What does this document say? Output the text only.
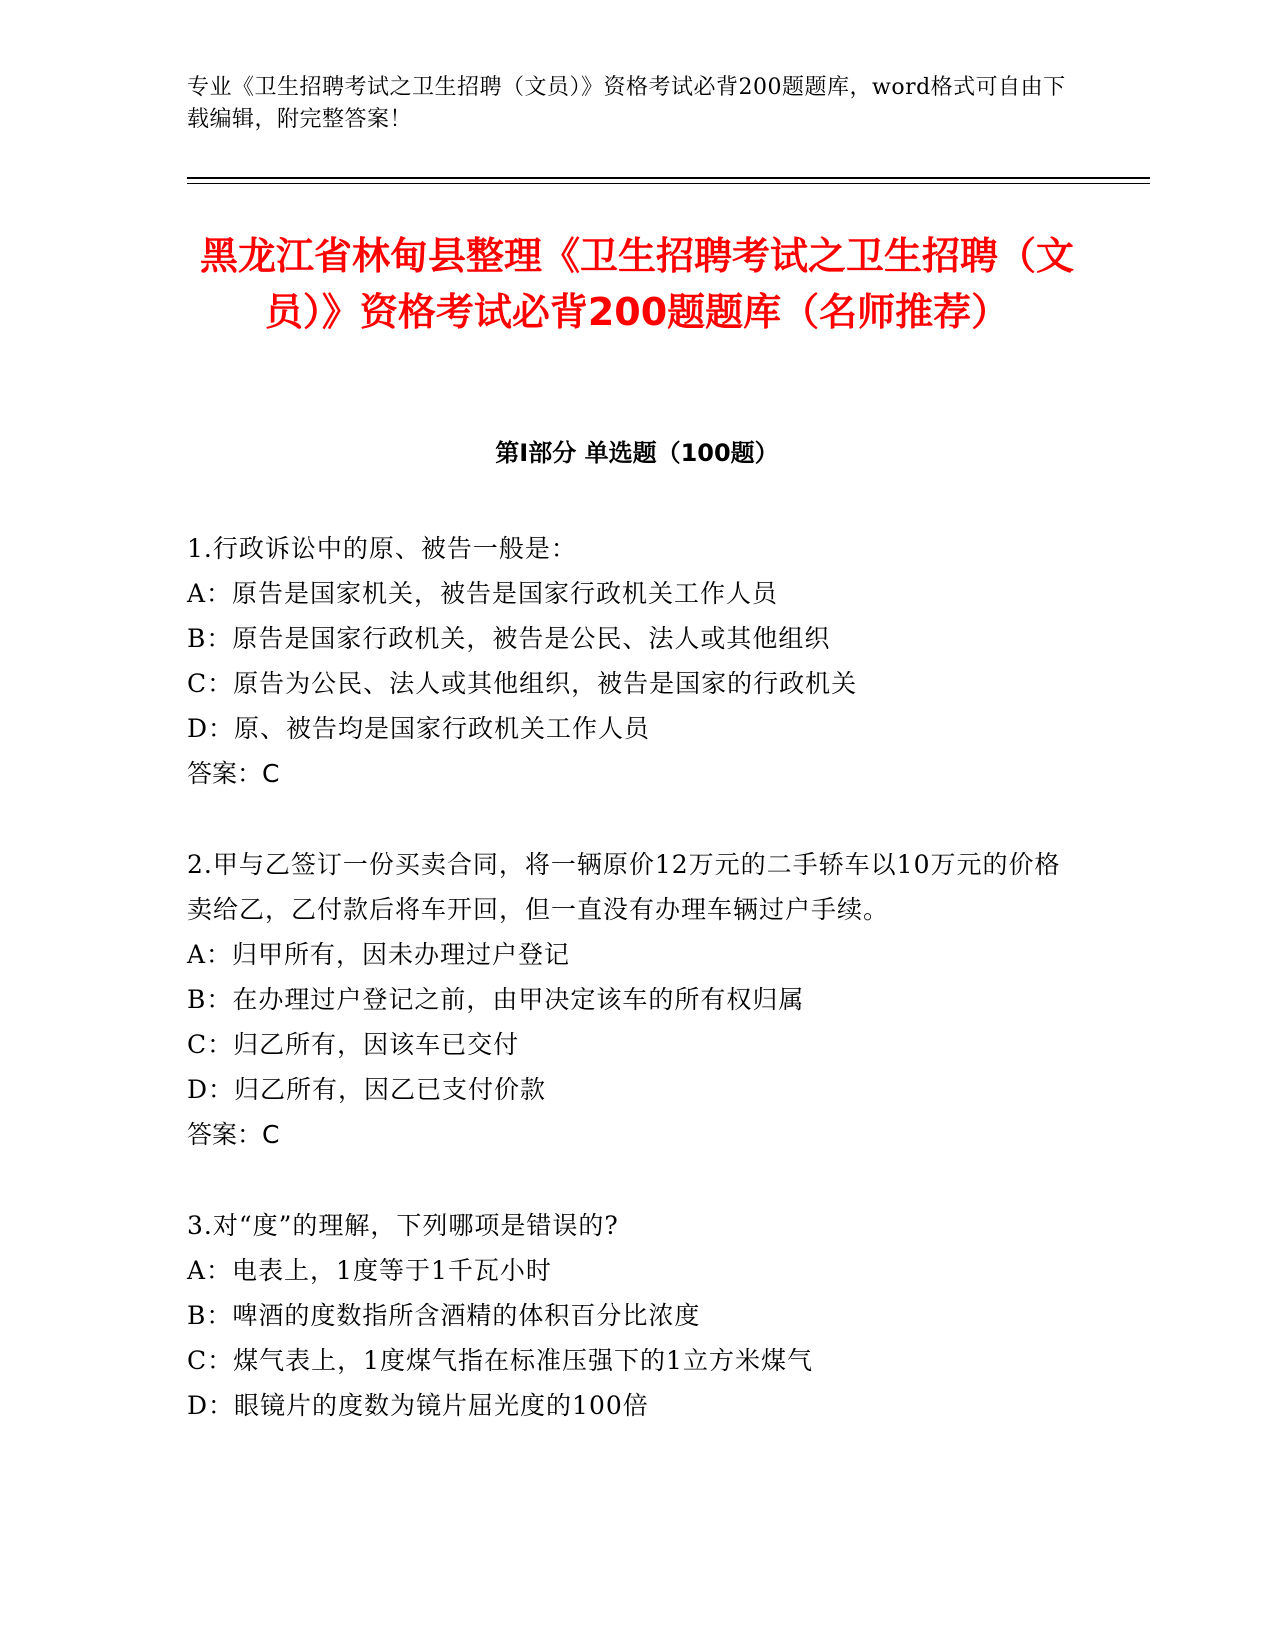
专业《卫生招聘考试之卫生招聘（文员）》资格考试必背200题题库，word格式可自由下载编辑，附完整答案！
黑龙江省林甸县整理《卫生招聘考试之卫生招聘（文员）》资格考试必背200题题库（名师推荐）
第I部分 单选题（100题）
1.行政诉讼中的原、被告一般是：
A：原告是国家机关，被告是国家行政机关工作人员
B：原告是国家行政机关，被告是公民、法人或其他组织
C：原告为公民、法人或其他组织，被告是国家的行政机关
D：原、被告均是国家行政机关工作人员
答案：C
2.甲与乙签订一份买卖合同，将一辆原价12万元的二手轿车以10万元的价格卖给乙，乙付款后将车开回，但一直没有办理车辆过户手续。
A：归甲所有，因未办理过户登记
B：在办理过户登记之前，由甲决定该车的所有权归属
C：归乙所有，因该车已交付
D：归乙所有，因乙已支付价款
答案：C
3.对“度”的理解，下列哪项是错误的?
A：电表上，1度等于1千瓦小时
B：啤酒的度数指所含酒精的体积百分比浓度
C：煤气表上，1度煤气指在标准压强下的1立方米煤气
D：眼镜片的度数为镜片屈光度的100倍
